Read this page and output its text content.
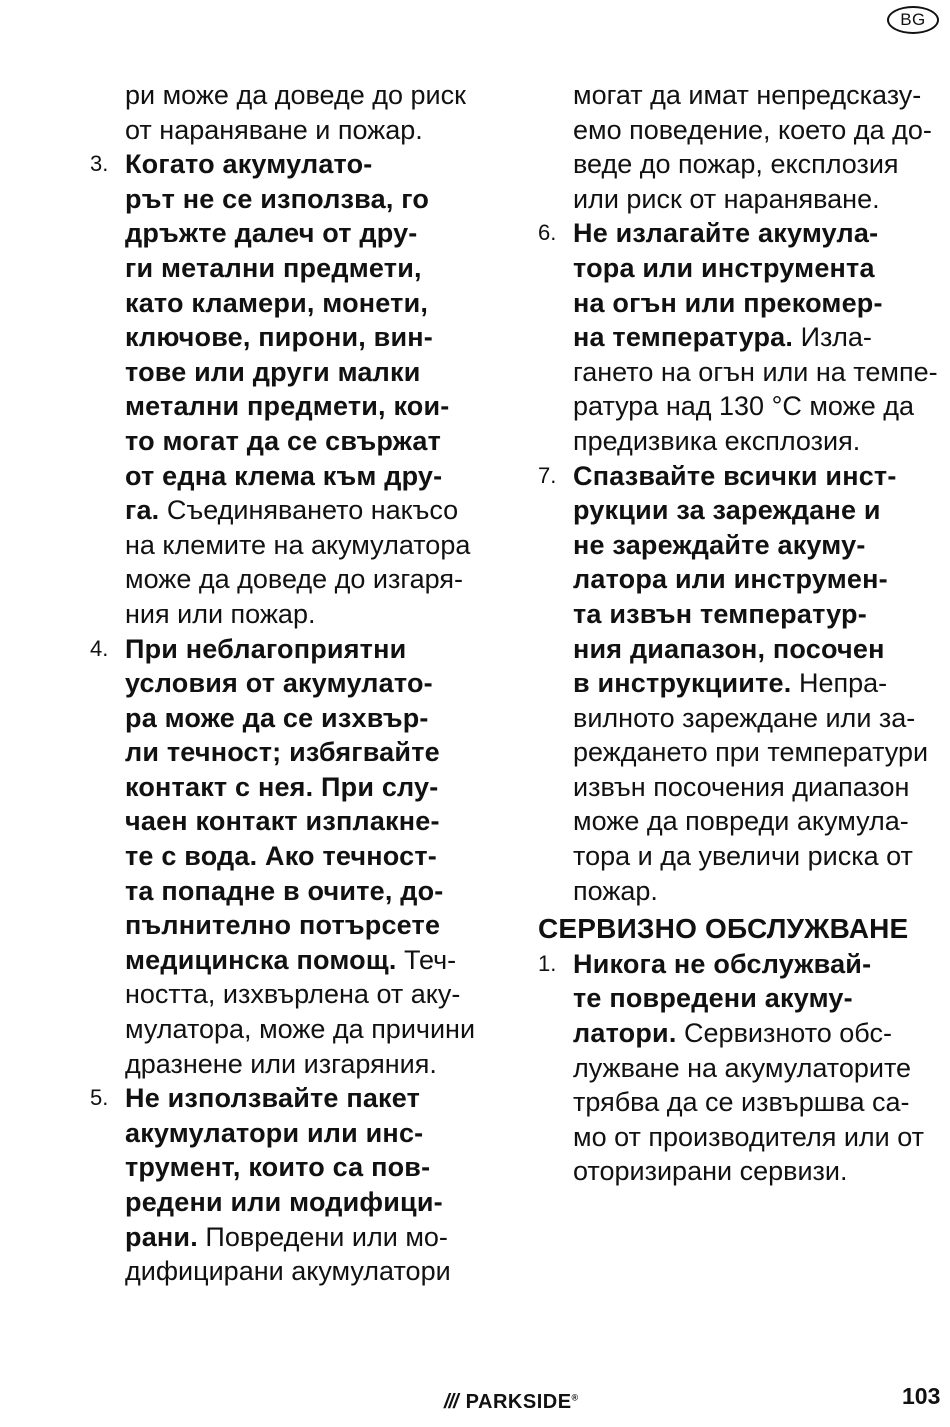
BG
ри може да доведе до риск
от нараняване и пожар.
3. Когато акумулато-
рът не се използва, го
дръжте далеч от дру-
ги метални предмети,
като кламери, монети,
ключове, пирони, вин-
тове или други малки
метални предмети, кои-
то могат да се свържат
от една клема към дру-
га. Съединяването накъсо
на клемите на акумулатора
може да доведе до изгаря-
ния или пожар.
4. При неблагоприятни
условия от акумулато-
ра може да се изхвър-
ли течност; избягвайте
контакт с нея. При слу-
чаен контакт изплакне-
те с вода. Ако течност-
та попадне в очите, до-
пълнително потърсете
медицинска помощ. Теч-
ността, изхвърлена от аку-
мулатора, може да причини
дразнене или изгаряния.
5. Не използвайте пакет
акумулатори или инс-
трумент, които са пов-
редени или модифици-
рани. Повредени или мо-
дифицирани акумулатори
могат да имат непредсказу-
емо поведение, което да до-
веде до пожар, експлозия
или риск от нараняване.
6. Не излагайте акумула-
тора или инструмента
на огън или прекомер-
на температура. Изла-
гането на огън или на темпе-
ратура над 130 °C може да
предизвика експлозия.
7. Спазвайте всички инст-
рукции за зареждане и
не зареждайте акуму-
латора или инструмен-
та извън температур-
ния диапазон, посочен
в инструкциите. Непра-
вилното зареждане или за-
реждането при температури
извън посочения диапазон
може да повреди акумула-
тора и да увеличи риска от
пожар.
СЕРВИЗНО ОБСЛУЖВАНЕ
1. Никога не обслужвай-
те повредени акуму-
латори. Сервизното обс-
лужване на акумулаторите
трябва да се извършва са-
мо от производителя или от
оторизирани сервизи.
/// PARKSIDE®	103
